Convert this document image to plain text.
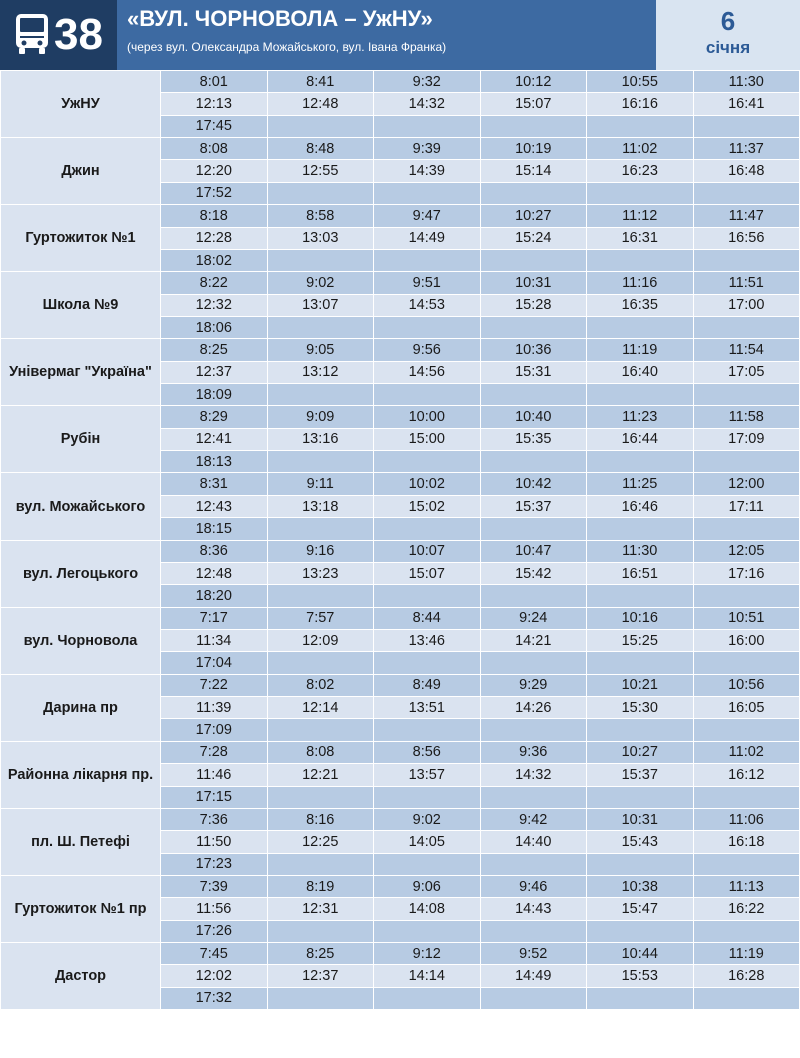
38 «ВУЛ. ЧОРНОВОЛА – УжНУ»
(через вул. Олександра Можайського, вул. Івана Франка)
6
січня
УжНУ	8:01	8:41	9:32	10:12	10:55	11:30
	12:13	12:48	14:32	15:07	16:16	16:41
	17:45					
Джин	8:08	8:48	9:39	10:19	11:02	11:37
	12:20	12:55	14:39	15:14	16:23	16:48
	17:52					
Гуртожиток №1	8:18	8:58	9:47	10:27	11:12	11:47
	12:28	13:03	14:49	15:24	16:31	16:56
	18:02					
Школа №9	8:22	9:02	9:51	10:31	11:16	11:51
	12:32	13:07	14:53	15:28	16:35	17:00
	18:06					
Універмаг "Україна"	8:25	9:05	9:56	10:36	11:19	11:54
	12:37	13:12	14:56	15:31	16:40	17:05
	18:09					
Рубін	8:29	9:09	10:00	10:40	11:23	11:58
	12:41	13:16	15:00	15:35	16:44	17:09
	18:13					
вул. Можайського	8:31	9:11	10:02	10:42	11:25	12:00
	12:43	13:18	15:02	15:37	16:46	17:11
	18:15					
вул. Легоцького	8:36	9:16	10:07	10:47	11:30	12:05
	12:48	13:23	15:07	15:42	16:51	17:16
	18:20					
вул. Чорновола	7:17	7:57	8:44	9:24	10:16	10:51
	11:34	12:09	13:46	14:21	15:25	16:00
	17:04					
Дарина пр	7:22	8:02	8:49	9:29	10:21	10:56
	11:39	12:14	13:51	14:26	15:30	16:05
	17:09					
Районна лікарня пр.	7:28	8:08	8:56	9:36	10:27	11:02
	11:46	12:21	13:57	14:32	15:37	16:12
	17:15					
пл. Ш. Петефі	7:36	8:16	9:02	9:42	10:31	11:06
	11:50	12:25	14:05	14:40	15:43	16:18
	17:23					
Гуртожиток №1 пр	7:39	8:19	9:06	9:46	10:38	11:13
	11:56	12:31	14:08	14:43	15:47	16:22
	17:26					
Дастор	7:45	8:25	9:12	9:52	10:44	11:19
	12:02	12:37	14:14	14:49	15:53	16:28
	17:32					
